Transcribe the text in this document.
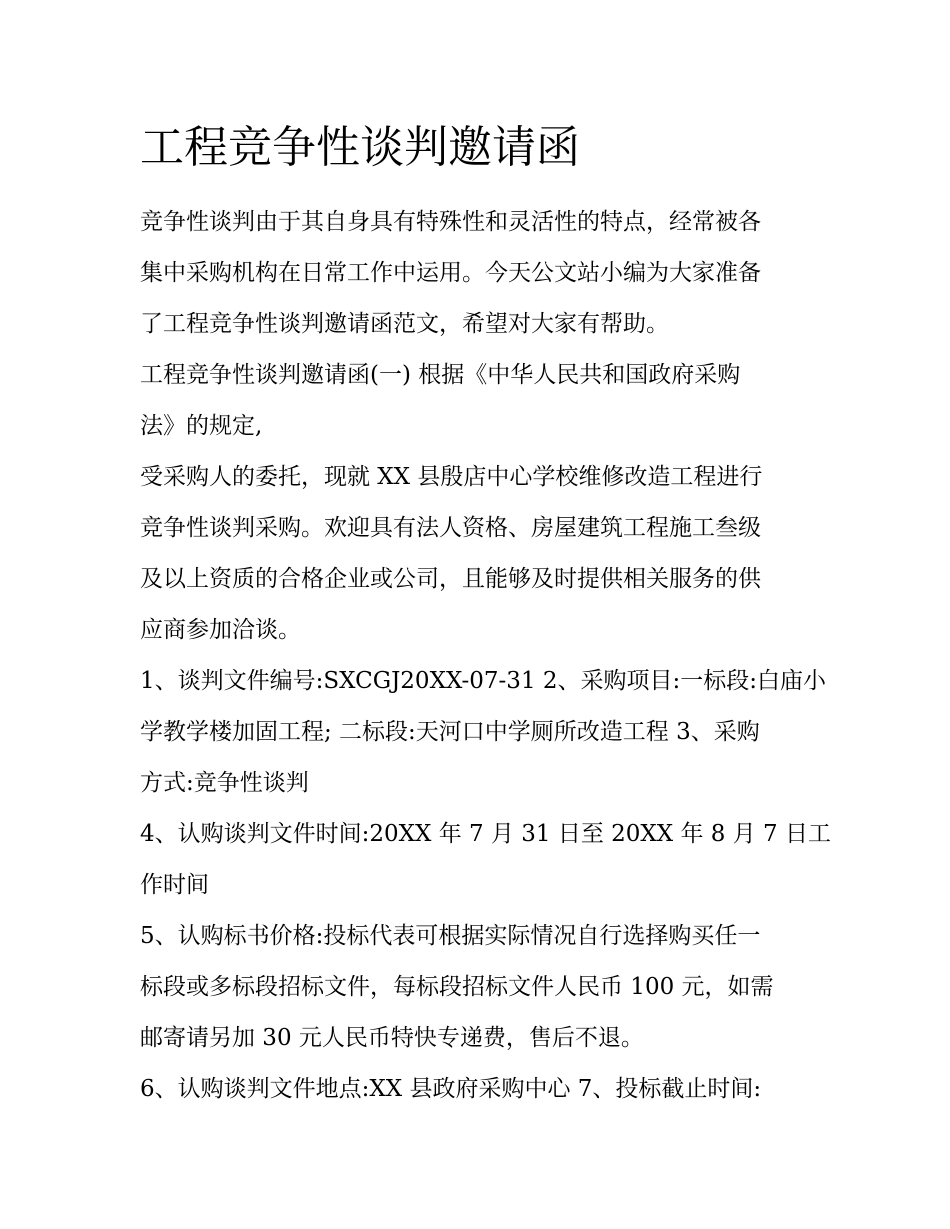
工程竞争性谈判邀请函

竞争性谈判由于其自身具有特殊性和灵活性的特点，经常被各

集中采购机构在日常工作中运用。今天公文站小编为大家准备

了工程竞争性谈判邀请函范文，希望对大家有帮助。

工程竞争性谈判邀请函(一) 根据《中华人民共和国政府采购

法》的规定,

受采购人的委托，现就 XX 县殷店中心学校维修改造工程进行

竞争性谈判采购。欢迎具有法人资格、房屋建筑工程施工叁级

及以上资质的合格企业或公司，且能够及时提供相关服务的供

应商参加洽谈。

1、谈判文件编号:SXCGJ20XX-07-31 2、采购项目:一标段:白庙小

学教学楼加固工程; 二标段:天河口中学厕所改造工程 3、采购

方式:竞争性谈判

4、认购谈判文件时间:20XX 年 7 月 31 日至 20XX 年 8 月 7 日工

作时间

5、认购标书价格:投标代表可根据实际情况自行选择购买任一

标段或多标段招标文件，每标段招标文件人民币 100 元，如需

邮寄请另加 30 元人民币特快专递费，售后不退。

6、认购谈判文件地点:XX 县政府采购中心 7、投标截止时间:
